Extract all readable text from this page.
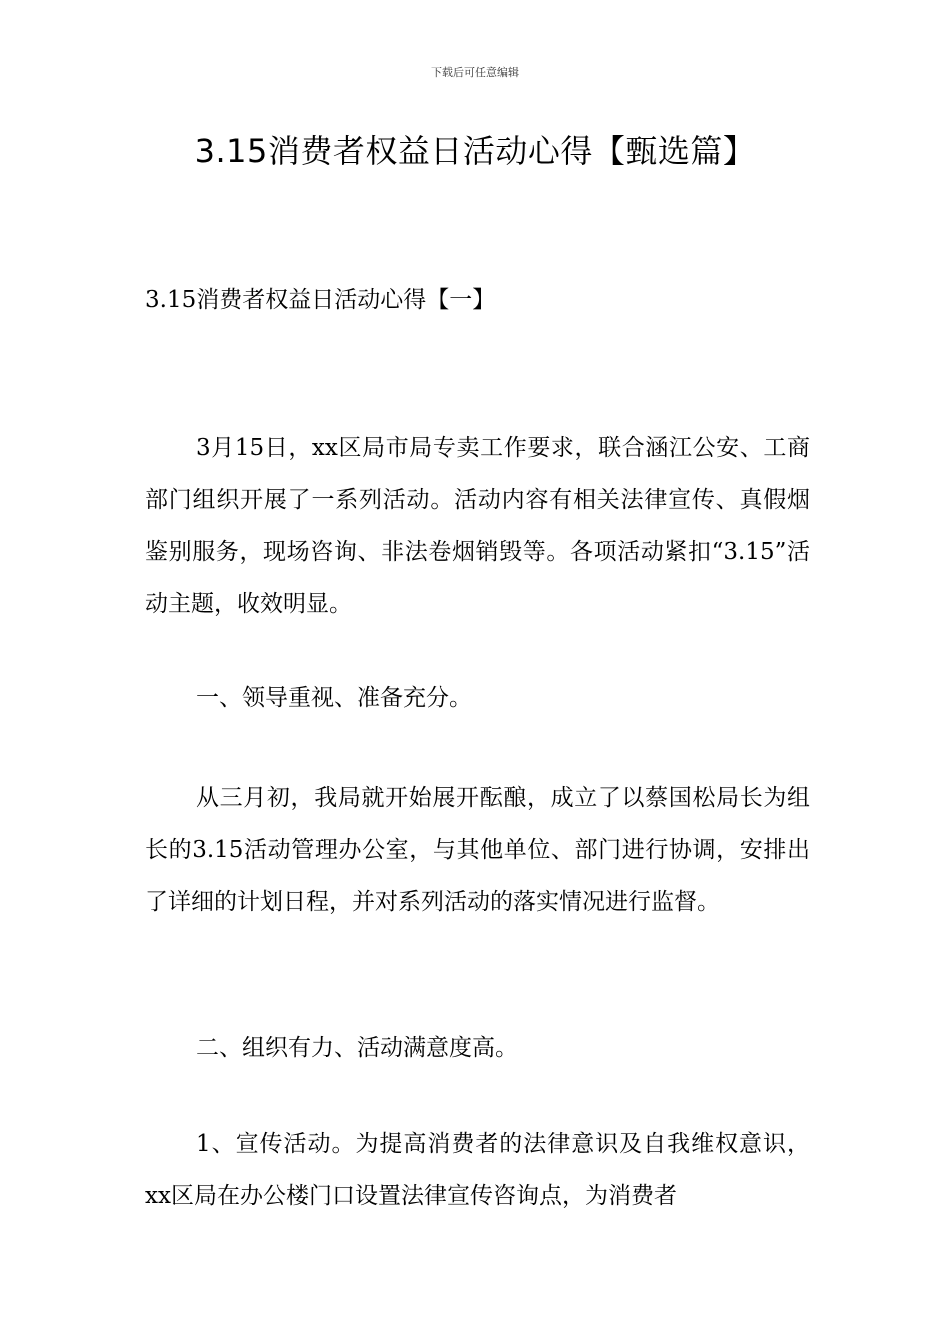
下载后可任意编辑
3.15消费者权益日活动心得【甄选篇】

3.15消费者权益日活动心得【一】

3月15日，xx区局市局专卖工作要求，联合涵江公安、工商部门组织开展了一系列活动。活动内容有相关法律宣传、真假烟鉴别服务，现场咨询、非法卷烟销毁等。各项活动紧扣“3.15”活动主题，收效明显。

一、领导重视、准备充分。

从三月初，我局就开始展开酝酿，成立了以蔡国松局长为组长的3.15活动管理办公室，与其他单位、部门进行协调，安排出了详细的计划日程，并对系列活动的落实情况进行监督。

二、组织有力、活动满意度高。

1、宣传活动。为提高消费者的法律意识及自我维权意识，xx区局在办公楼门口设置法律宣传咨询点，为消费者
